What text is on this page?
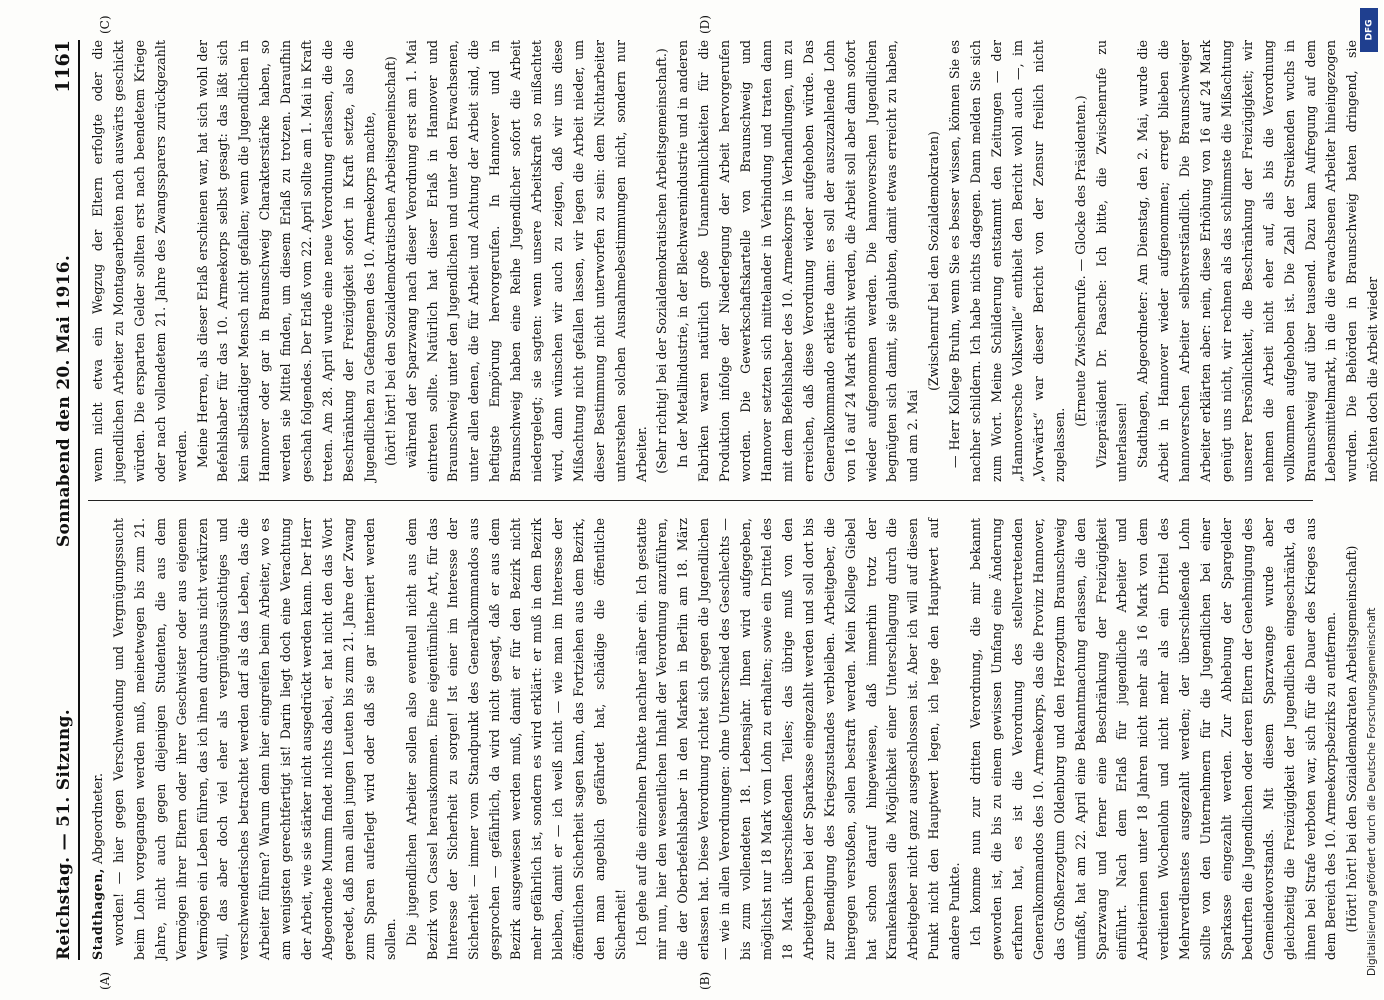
Reichstag. — 51. Sitzung.
Sonnabend den 20. Mai 1916.
1161
(A)	(B)
(C)	(D)

Stadthagen, Abgeordneter. worden! — hier gegen Verschwendung und Vergnügungssucht beim Lohn vorgegangen werden muß, meinetwegen bis zum 21. Jahre, nicht auch gegen diejenigen Studenten, die aus dem Vermögen ihrer Eltern oder ihrer Geschwister oder aus eigenem Vermögen ein Leben führen, das ich ihnen durchaus nicht verkürzen will, das aber doch viel eher als vergnügungssüchtiges und verschwenderisches betrachtet werden darf als das Leben, das die Arbeiter führen? Warum denn hier eingreifen beim Arbeiter, wo es am wenigsten gerechtfertigt ist! Darin liegt doch eine Verachtung der Arbeit, wie sie stärker nicht ausgedrückt werden kann. Der Herr Abgeordnete Mumm findet nichts dabei, er hat nicht den das Wort geredet, daß man allen jungen Leuten bis zum 21. Jahre der Zwang zum Sparen auferlegt wird oder daß sie gar interniert werden sollen. Die jugendlichen Arbeiter sollen also eventuell nicht aus dem Bezirk von Cassel herauskommen. Eine eigentümliche Art, für das Interesse der Sicherheit zu sorgen! Ist einer im Interesse der Sicherheit — immer vom Standpunkt des Generalkommandos aus gesprochen — gefährlich, da wird nicht gesagt, daß er aus dem Bezirk ausgewiesen werden muß, damit er für den Bezirk nicht mehr gefährlich ist, sondern es wird erklärt: er muß in dem Bezirk bleiben, damit er — ich weiß nicht — wie man im Interesse der öffentlichen Sicherheit sagen kann, das Fortziehen aus dem Bezirk, den man angeblich gefährdet hat, schädige die öffentliche Sicherheit! Ich gehe auf die einzelnen Punkte nachher näher ein. Ich gestatte mir nun, hier den wesentlichen Inhalt der Verordnung anzuführen, die der Oberbefehlshaber in den Marken in Berlin am 18. März erlassen hat. Diese Verordnung richtet sich gegen die Jugendlichen — wie in allen Verordnungen: ohne Unterschied des Geschlechts — bis zum vollendeten 18. Lebensjahr. Ihnen wird aufgegeben, möglichst nur 18 Mark vom Lohn zu erhalten; sowie ein Drittel des 18 Mark überschießenden Teiles; das übrige muß von den Arbeitgebern bei der Sparkasse eingezahlt werden und soll dort bis zur Beendigung des Kriegszustandes verbleiben. Arbeitgeber, die hiergegen verstoßen, sollen bestraft werden. Mein Kollege Giebel hat schon darauf hingewiesen, daß immerhin trotz der Krankenkassen die Möglichkeit einer Unterschlagung durch die Arbeitgeber nicht ganz ausgeschlossen ist. Aber ich will auf diesen Punkt nicht den Hauptwert legen, ich lege den Hauptwert auf andere Punkte. Ich komme nun zur dritten Verordnung, die mir bekannt geworden ist, die bis zu einem gewissen Umfang eine Änderung erfahren hat, es ist die Verordnung des stellvertretenden Generalkommandos des 10. Armeekorps, das die Provinz Hannover, das Großherzogtum Oldenburg und den Herzogtum Braunschweig umfaßt, hat am 22. April eine Bekanntmachung erlassen, die den Sparzwang und ferner eine Beschränkung der Freizügigkeit einführt. Nach dem Erlaß für jugendliche Arbeiter und Arbeiterinnen unter 18 Jahren nicht mehr als 16 Mark von dem verdienten Wochenlohn und nicht mehr als ein Drittel des Mehrverdienstes ausgezahlt werden; der überschießende Lohn sollte von den Unternehmern für die Jugendlichen bei einer Sparkasse eingezahlt werden. Zur Abhebung der Spargelder bedurften die Jugendlichen oder deren Eltern der Genehmigung des Gemeindevorstands. Mit diesem Sparzwange wurde aber gleichzeitig die Freizügigkeit der Jugendlichen eingeschränkt, da ihnen bei Strafe verboten war, sich für die Dauer des Krieges aus dem Bereich des 10. Armeekorpsbezirks zu entfernen. (Hört! hört! bei den Sozialdemokraten Arbeitsgemeinschaft)

wenn nicht etwa ein Wegzug der Eltern erfolgte oder die jugendlichen Arbeiter zu Montagearbeiten nach auswärts geschickt würden. Die ersparten Gelder sollten erst nach beendetem Kriege oder nach vollendetem 21. Jahre des Zwangssparers zurückgezahlt werden. Meine Herren, als dieser Erlaß erschienen war, hat sich wohl der Befehlshaber für das 10. Armeekorps selbst gesagt: das läßt sich kein selbständiger Mensch nicht gefallen; wenn die Jugendlichen in Hannover oder gar in Braunschweig Charakterstärke haben, so werden sie Mittel finden, um diesem Erlaß zu trotzen. Daraufhin geschah folgendes. Der Erlaß vom 22. April sollte am 1. Mai in Kraft treten. Am 28. April wurde eine neue Verordnung erlassen, die die Beschränkung der Freizügigkeit sofort in Kraft setzte, also die Jugendlichen zu Gefangenen des 10. Armeekorps machte, (hört! hört! bei den Sozialdemokratischen Arbeitsgemeinschaft) während der Sparzwang nach dieser Verordnung erst am 1. Mai eintreten sollte. Natürlich hat dieser Erlaß in Hannover und Braunschweig unter den Jugendlichen und unter den Erwachsenen, unter allen denen, die für Arbeit und Achtung der Arbeit sind, die heftigste Empörung hervorgerufen. In Hannover und in Braunschweig haben eine Reihe Jugendlicher sofort die Arbeit niedergelegt; sie sagten: wenn unsere Arbeitskraft so mißachtet wird, dann wünschen wir auch zu zeigen, daß wir uns diese Mißachtung nicht gefallen lassen, wir legen die Arbeit nieder, um dieser Bestimmung nicht unterworfen zu sein: dem Nichtarbeiter unterstehen solchen Ausnahmebestimmungen nicht, sondern nur Arbeiter. (Sehr richtig! bei der Sozialdemokratischen Arbeitsgemeinschaft.) In der Metallindustrie, in der Blechwarenindustrie und in anderen Fabriken waren natürlich große Unannehmlichkeiten für die Produktion infolge der Niederlegung der Arbeit hervorgerufen worden. Die Gewerkschaftskartelle von Braunschweig und Hannover setzten sich mittelander in Verbindung und traten dann mit dem Befehlshaber des 10. Armeekorps in Verhandlungen, um zu erreichen, daß diese Verordnung wieder aufgehoben würde. Das Generalkommando erklärte dann: es soll der auszuzahlende Lohn von 16 auf 24 Mark erhöht werden, die Arbeit soll aber dann sofort wieder aufgenommen werden. Die hannoverschen Jugendlichen begnügten sich damit, sie glaubten, damit etwas erreicht zu haben, und am 2. Mai

(Zwischenruf bei den Sozialdemokraten) — Herr Kollege Bruhn, wenn Sie es besser wissen, können Sie es nachher schildern. Ich habe nichts dagegen. Dann melden Sie sich zum Wort. Meine Schilderung entstammt den Zeitungen — der „Hannoversche Volkswille“ enthielt den Bericht wohl auch —, im „Vorwärts“ war dieser Bericht von der Zensur freilich nicht zugelassen.

(Erneute Zwischenrufe. — Glocke des Präsidenten.) Vizepräsident Dr. Paasche: Ich bitte, die Zwischenrufe zu unterlassen! Stadthagen, Abgeordneter: Am Dienstag, den 2. Mai, wurde die Arbeit in Hannover wieder aufgenommen; erregt blieben die hannoverschen Arbeiter selbstverständlich. Die Braunschweiger Arbeiter erklärten aber: nein, diese Erhöhung von 16 auf 24 Mark genügt uns nicht, wir rechnen als das schlimmste die Mißachtung unserer Persönlichkeit, die Beschränkung der Freizügigkeit; wir nehmen die Arbeit nicht eher auf, als bis die Verordnung vollkommen aufgehoben ist. Die Zahl der Streikenden wuchs in Braunschweig auf über tausend. Dazu kam Aufregung auf dem Lebensmittelmarkt, in die die erwachsenen Arbeiter hineingezogen wurden. Die Behörden in Braunschweig baten dringend, sie möchten doch die Arbeit wieder

DFG
Digitalisierung gefördert durch die Deutsche Forschungsgemeinschaft
